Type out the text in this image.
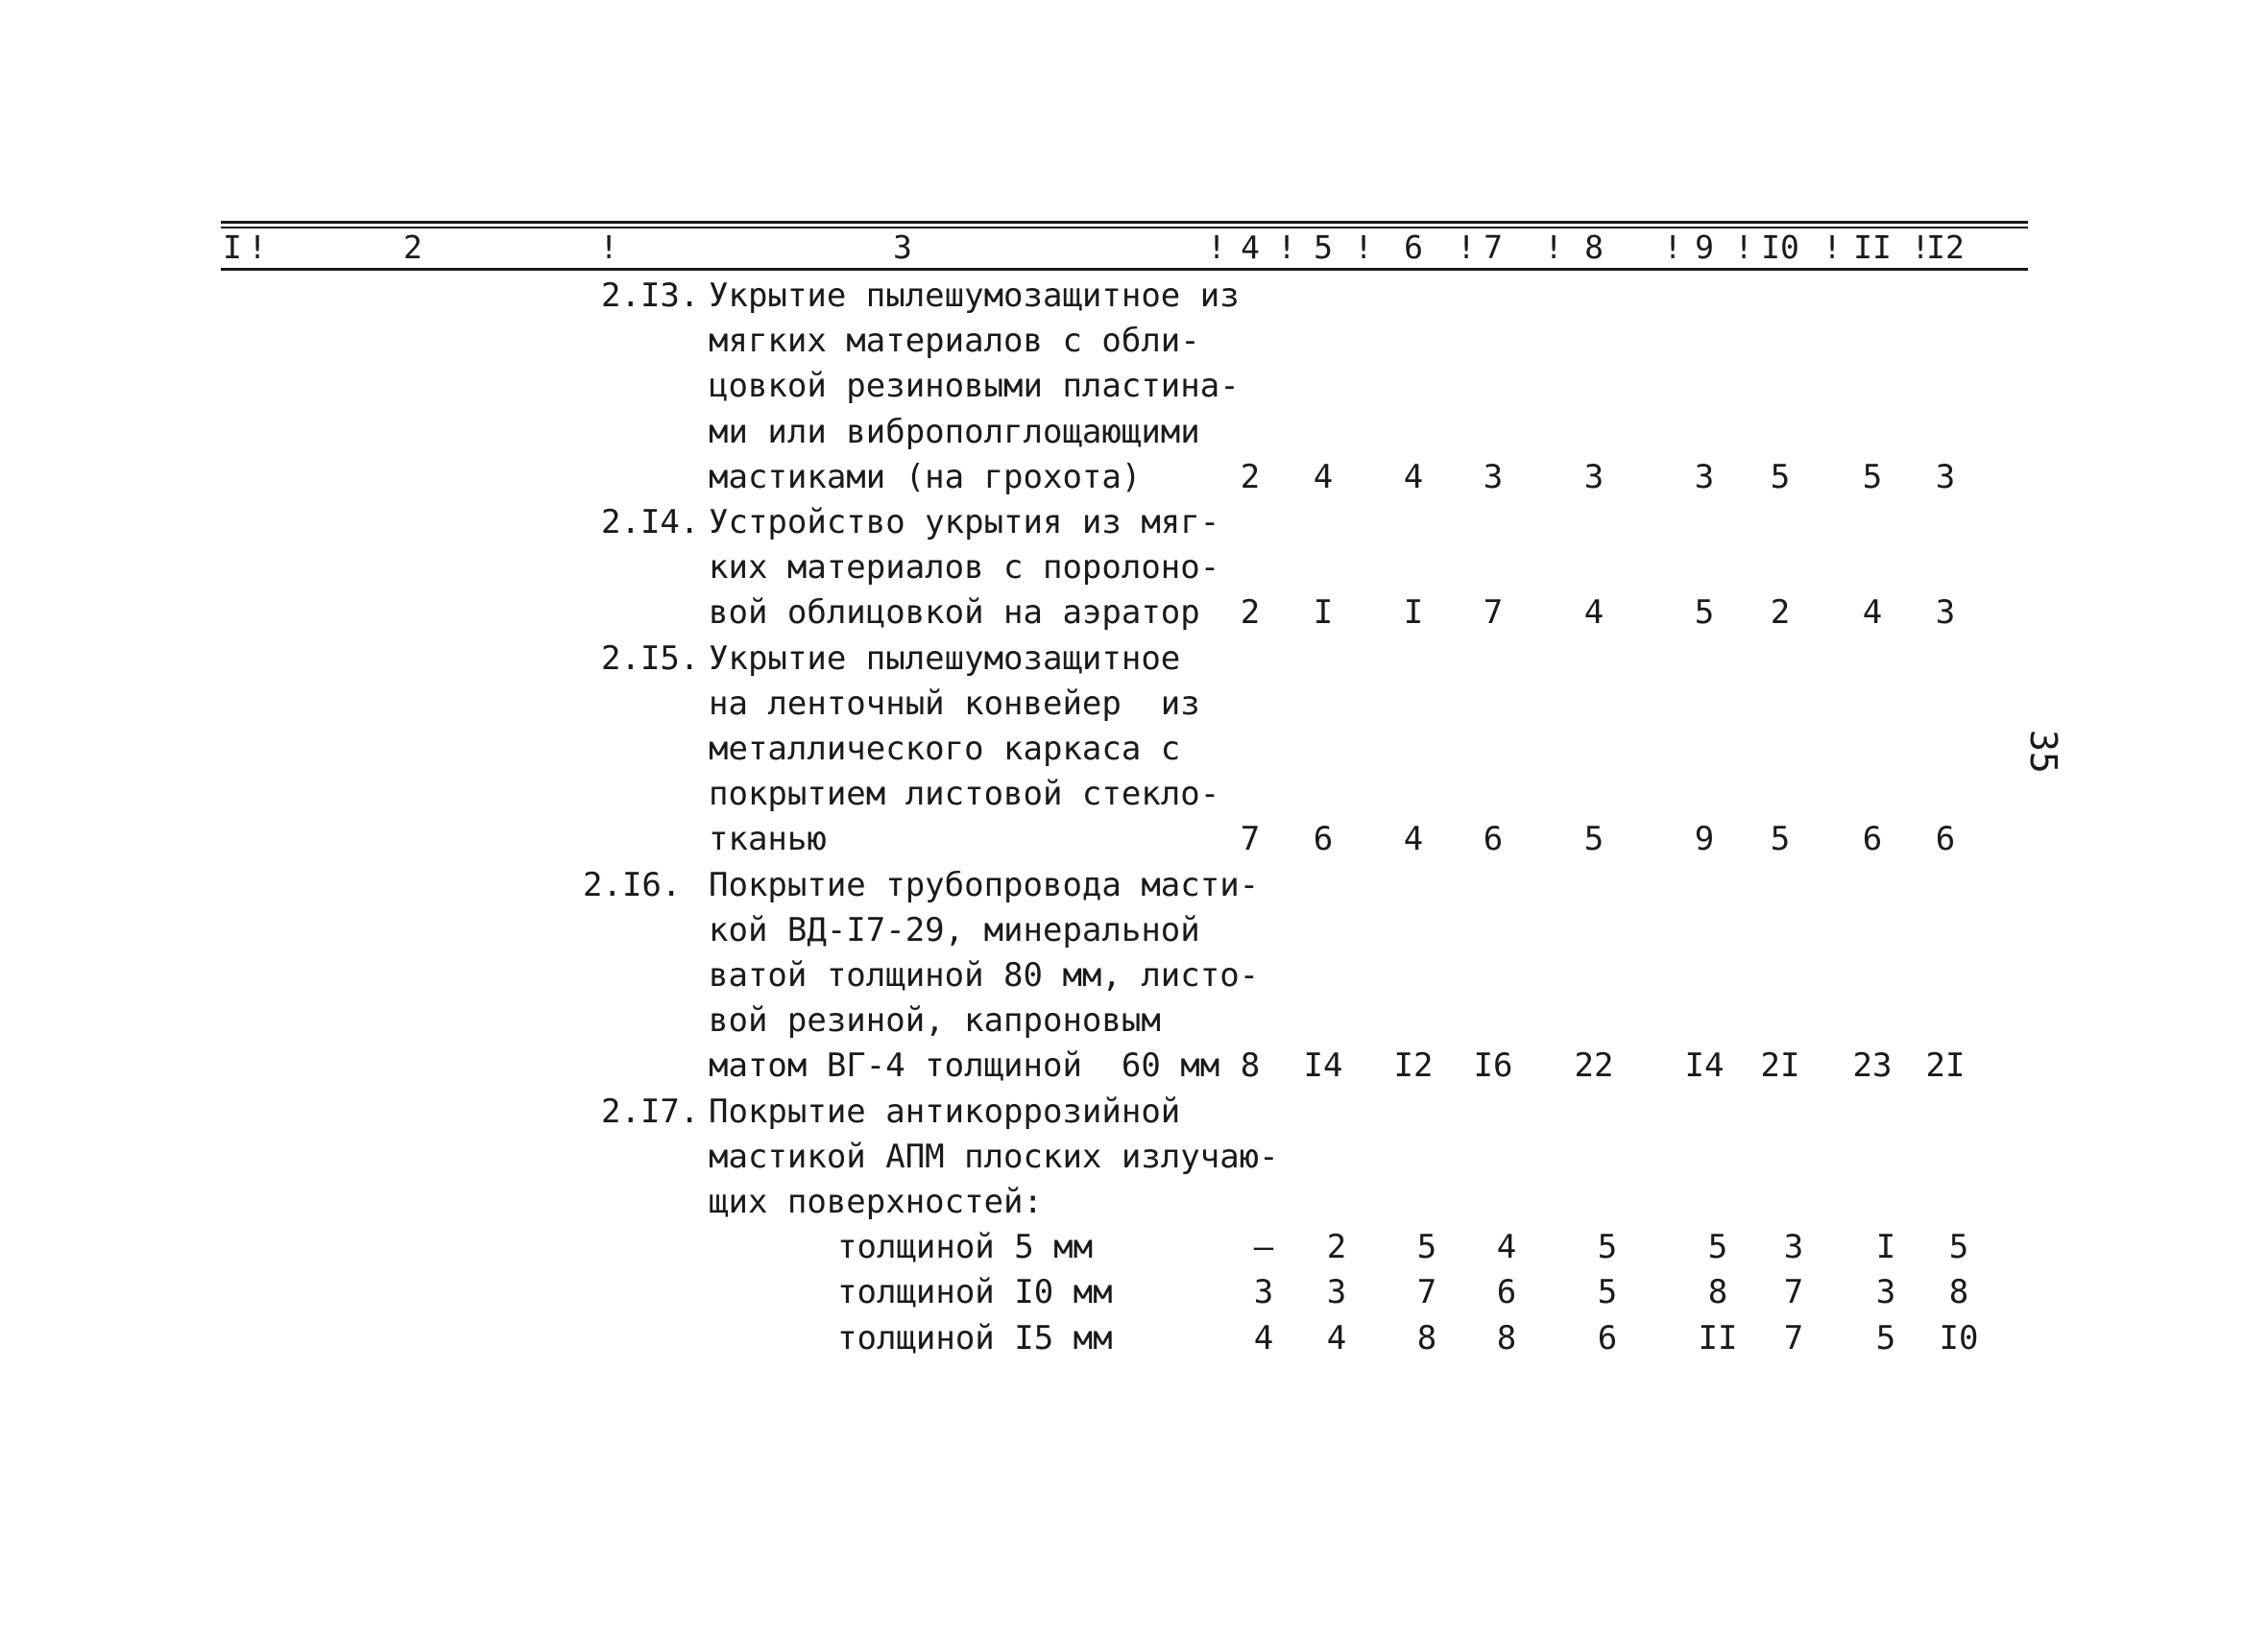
I	2	3	4	5	6	7	8	9	I0	II	I2
!	!	! ! !	! !	! ! ! !
2.I3. Укрытие пылешумозащитное из
мягких материалов с обли-
цовкой резиновыми пластина-
ми или виброполглощающими
мастиками (на грохота)	2	4	4	3	3	3	5	5	3
2.I4. Устройство укрытия из мяг-
ких материалов с поролоно-
вой облицовкой на аэратор	2	I	I	7	4	5	2	4	3
2.I5. Укрытие пылешумозащитное
на ленточный конвейер  из
металлического каркаса с
покрытием листовой стекло-
тканью	7	6	4	6	5	9	5	6	6
2.I6. Покрытие трубопровода масти-
кой ВД-I7-29, минеральной
ватой толщиной 80 мм, листо-
вой резиной, капроновым
матом ВГ-4 толщиной  60 мм 8	I4	I2	I6	22	I4	2I	23	2I
2.I7. Покрытие антикоррозийной
мастикой АПМ плоских излучаю-
щих поверхностей:
толщиной 5 мм	–	2	5	4	5	5	3	I	5
толщиной I0 мм	3	3	7	6	5	8	7	3	8
толщиной I5 мм	4	4	8	8	6	II	7	5	I0
35
